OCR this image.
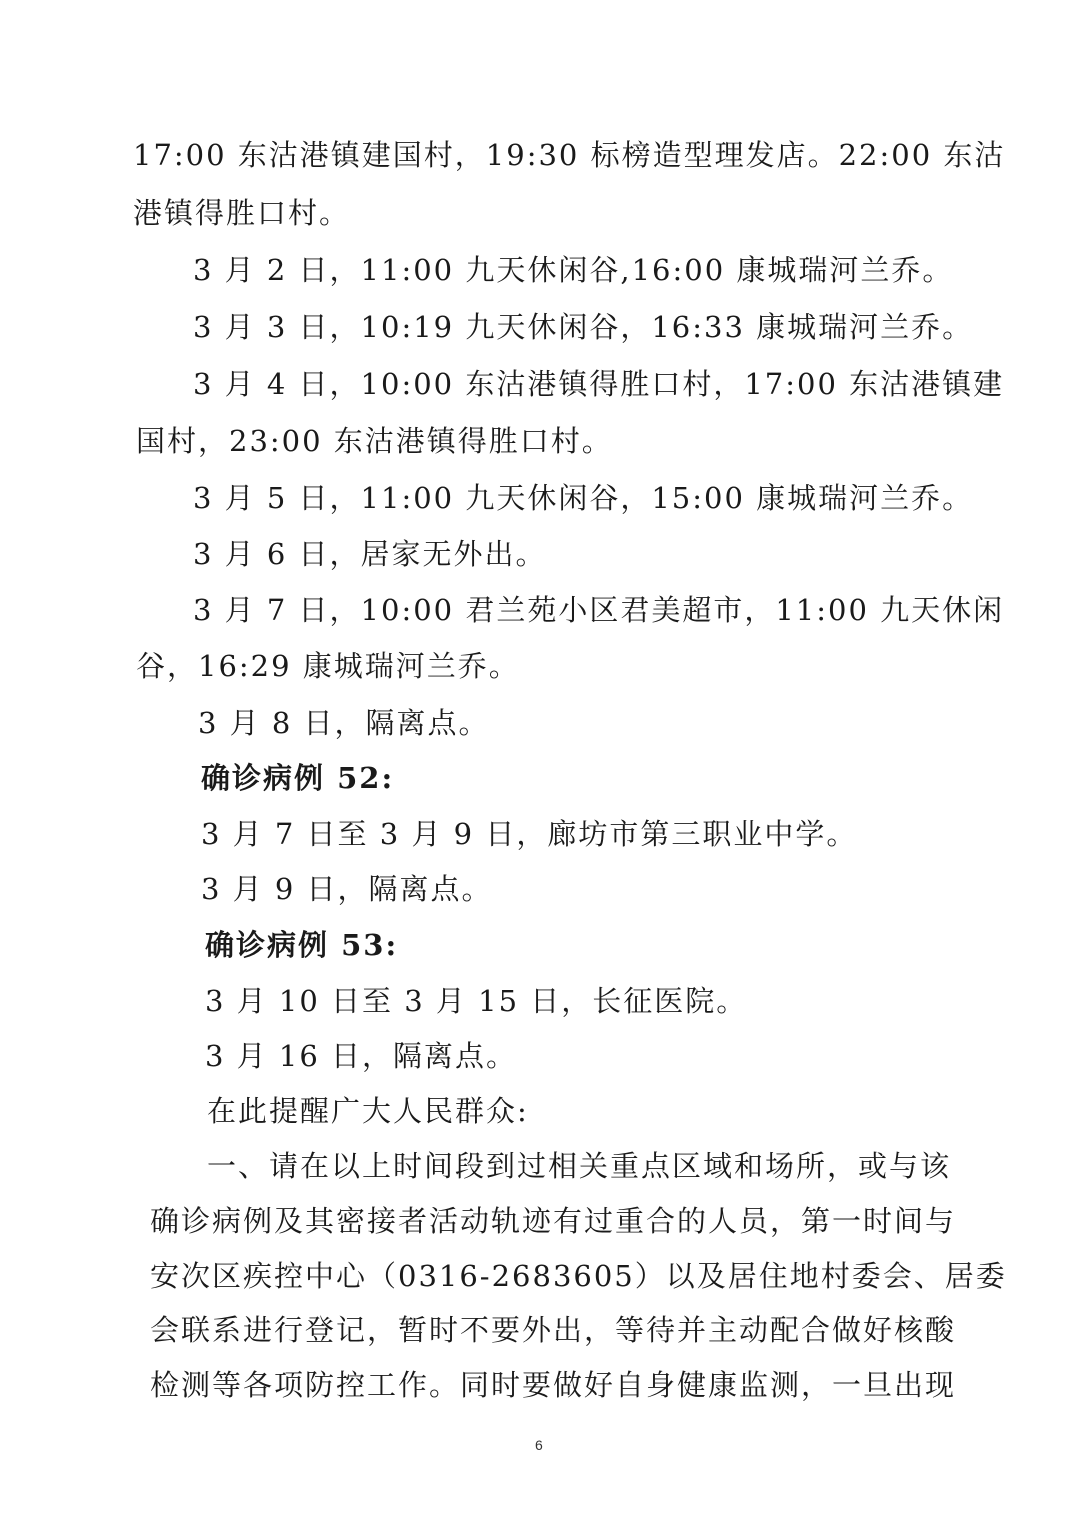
17:00 东沽港镇建国村，19:30 标榜造型理发店。22:00 东沽
港镇得胜口村。
3 月 2 日，11:00 九天休闲谷,16:00 康城瑞河兰乔。
3 月 3 日，10:19 九天休闲谷，16:33 康城瑞河兰乔。
3 月 4 日，10:00 东沽港镇得胜口村，17:00 东沽港镇建
国村，23:00 东沽港镇得胜口村。
3 月 5 日，11:00 九天休闲谷，15:00 康城瑞河兰乔。
3 月 6 日，居家无外出。
3 月 7 日，10:00 君兰苑小区君美超市，11:00 九天休闲
谷，16:29 康城瑞河兰乔。
3 月 8 日，隔离点。
确诊病例 52:
3 月 7 日至 3 月 9 日，廊坊市第三职业中学。
3 月 9 日，隔离点。
确诊病例 53:
3 月 10 日至 3 月 15 日，长征医院。
3 月 16 日，隔离点。
在此提醒广大人民群众:
一、请在以上时间段到过相关重点区域和场所，或与该
确诊病例及其密接者活动轨迹有过重合的人员，第一时间与
安次区疾控中心（0316-2683605）以及居住地村委会、居委
会联系进行登记，暂时不要外出，等待并主动配合做好核酸
检测等各项防控工作。同时要做好自身健康监测，一旦出现
6
